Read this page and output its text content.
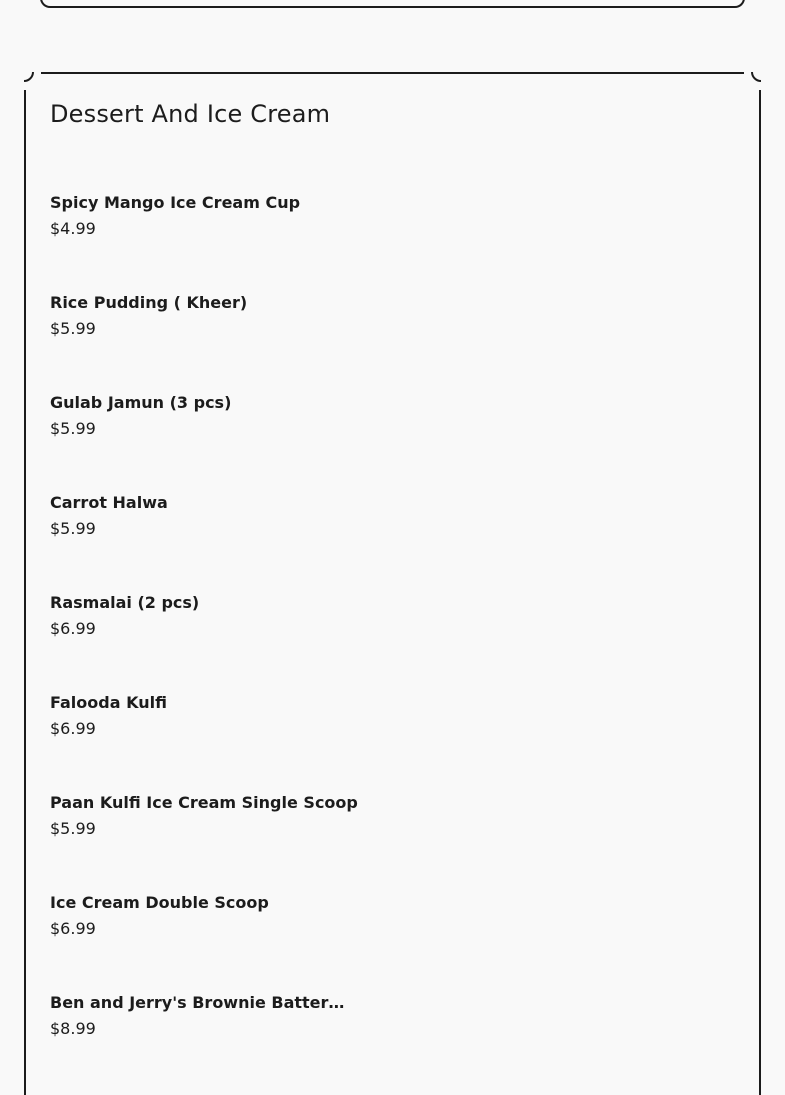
Dessert And Ice Cream
Spicy Mango Ice Cream Cup
$4.99
Rice Pudding ( Kheer)
$5.99
Gulab Jamun (3 pcs)
$5.99
Carrot Halwa
$5.99
Rasmalai (2 pcs)
$6.99
Falooda Kulfi
$6.99
Paan Kulfi Ice Cream Single Scoop
$5.99
Ice Cream Double Scoop
$6.99
Ben and Jerry's Brownie Batter…
$8.99
